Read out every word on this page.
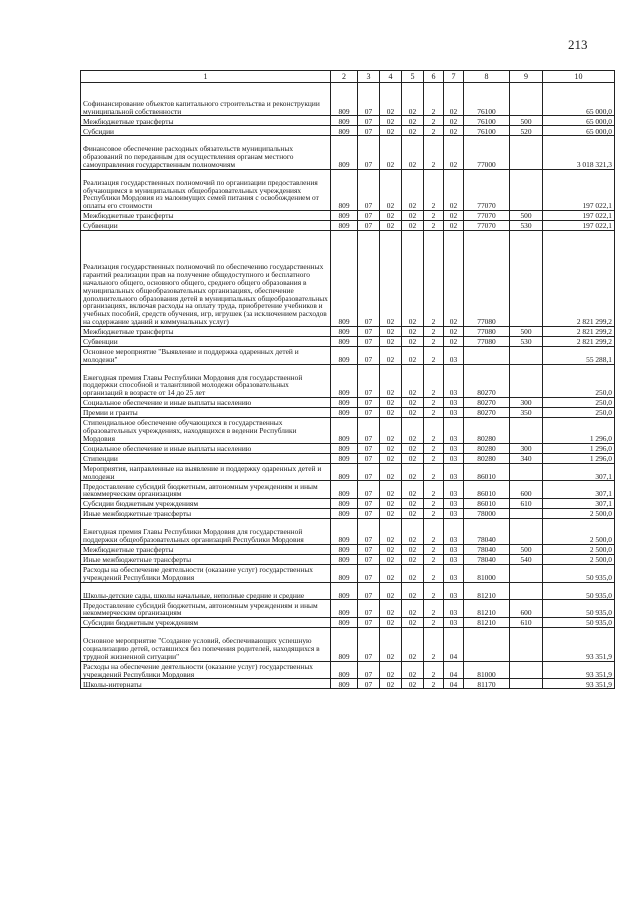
213
1	2	3	4	5	6	7	8	9	10
Софинансирование объектов капитального строительства и реконструкции муниципальной собственности	809	07	02	02	2	02	76100		65 000,0
Межбюджетные трансферты	809	07	02	02	2	02	76100	500	65 000,0
Субсидии	809	07	02	02	2	02	76100	520	65 000,0
Финансовое обеспечение расходных обязательств муниципальных образований по переданным для осуществления органам местного самоуправления государственным полномочиям	809	07	02	02	2	02	77000		3 018 321,3
Реализация государственных полномочий по организации предоставления обучающимся в муниципальных общеобразовательных учреждениях Республики Мордовия из малоимущих семей питания с освобождением от оплаты его стоимости	809	07	02	02	2	02	77070		197 022,1
Межбюджетные трансферты	809	07	02	02	2	02	77070	500	197 022,1
Субвенции	809	07	02	02	2	02	77070	530	197 022,1
Реализация государственных полномочий по обеспечению государственных гарантий реализации прав на получение общедоступного и бесплатного начального общего, основного общего, среднего общего образования в муниципальных общеобразовательных организациях, обеспечение дополнительного образования детей в муниципальных общеобразовательных организациях, включая расходы на оплату труда, приобретение учебников и учебных пособий, средств обучения, игр, игрушек (за исключением расходов на содержание зданий и коммунальных услуг)	809	07	02	02	2	02	77080		2 821 299,2
Межбюджетные трансферты	809	07	02	02	2	02	77080	500	2 821 299,2
Субвенции	809	07	02	02	2	02	77080	530	2 821 299,2
Основное мероприятие "Выявление и поддержка одаренных детей и молодежи"	809	07	02	02	2	03			55 288,1
Ежегодная премия Главы Республики Мордовия для государственной поддержки способной и талантливой молодежи образовательных организаций в возрасте от 14 до 25 лет	809	07	02	02	2	03	80270		250,0
Социальное обеспечение и иные выплаты населению	809	07	02	02	2	03	80270	300	250,0
Премии и гранты	809	07	02	02	2	03	80270	350	250,0
Стипендиальное обеспечение обучающихся в государственных образовательных учреждениях, находящихся в ведении Республики Мордовия	809	07	02	02	2	03	80280		1 296,0
Социальное обеспечение и иные выплаты населению	809	07	02	02	2	03	80280	300	1 296,0
Стипендии	809	07	02	02	2	03	80280	340	1 296,0
Мероприятия, направленные на выявление и поддержку одаренных детей и молодежи	809	07	02	02	2	03	86010		307,1
Предоставление субсидий бюджетным, автономным учреждениям и иным некоммерческим организациям	809	07	02	02	2	03	86010	600	307,1
Субсидии бюджетным учреждениям	809	07	02	02	2	03	86010	610	307,1
Иные межбюджетные трансферты	809	07	02	02	2	03	78000		2 500,0
Ежегодная премия Главы Республики Мордовия для государственной поддержки общеобразовательных организаций Республики Мордовия	809	07	02	02	2	03	78040		2 500,0
Межбюджетные трансферты	809	07	02	02	2	03	78040	500	2 500,0
Иные межбюджетные трансферты	809	07	02	02	2	03	78040	540	2 500,0
Расходы на обеспечение деятельности (оказание услуг) государственных учреждений Республики Мордовия	809	07	02	02	2	03	81000		50 935,0
Школы-детские сады, школы начальные, неполные средние и средние	809	07	02	02	2	03	81210		50 935,0
Предоставление субсидий бюджетным, автономным учреждениям и иным некоммерческим организациям	809	07	02	02	2	03	81210	600	50 935,0
Субсидии бюджетным учреждениям	809	07	02	02	2	03	81210	610	50 935,0
Основное мероприятие "Создание условий, обеспечивающих успешную социализацию детей, оставшихся без попечения родителей, находящихся в трудной жизненной ситуации"	809	07	02	02	2	04			93 351,9
Расходы на обеспечение деятельности (оказание услуг) государственных учреждений Республики Мордовия	809	07	02	02	2	04	81000		93 351,9
Школы-интернаты	809	07	02	02	2	04	81170		93 351,9
